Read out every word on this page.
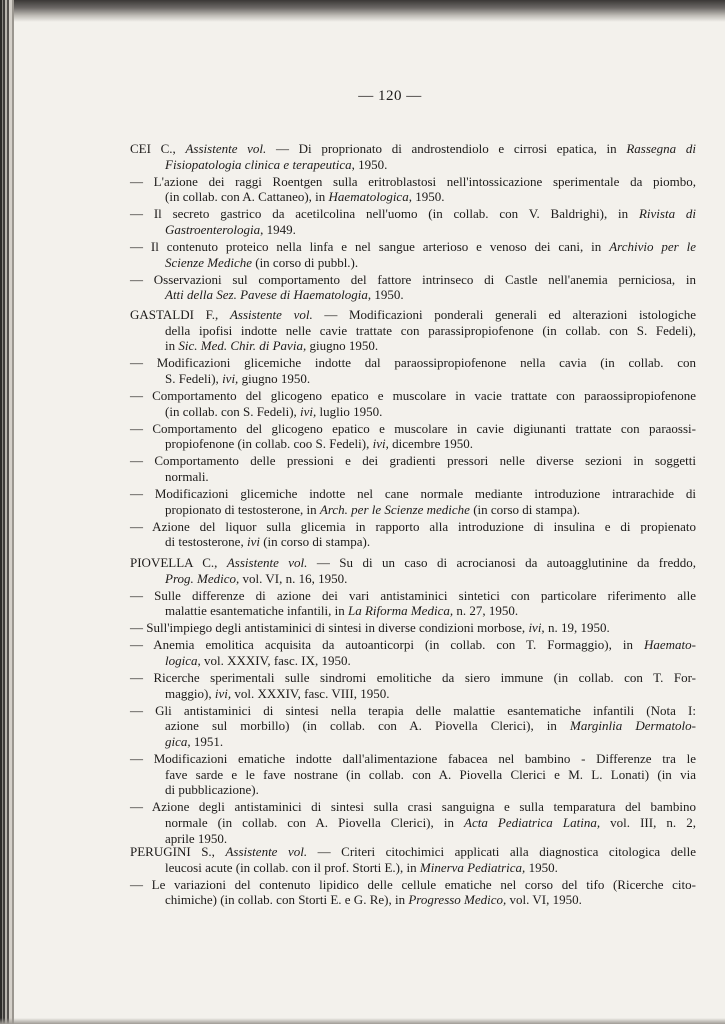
— 120 —
CEI C., Assistente vol. — Di proprionato di androstendiolo e cirrosi epatica, in Rassegna di
Fisiopatologia clinica e terapeutica, 1950.
— L'azione dei raggi Roentgen sulla eritroblastosi nell'intossicazione sperimentale da piombo,
(in collab. con A. Cattaneo), in Haematologica, 1950.
— Il secreto gastrico da acetilcolina nell'uomo (in collab. con V. Baldrighi), in Rivista di
Gastroenterologia, 1949.
— Il contenuto proteico nella linfa e nel sangue arterioso e venoso dei cani, in Archivio per le
Scienze Mediche (in corso di pubbl.).
— Osservazioni sul comportamento del fattore intrinseco di Castle nell'anemia perniciosa, in
Atti della Sez. Pavese di Haematologia, 1950.
GASTALDI F., Assistente vol. — Modificazioni ponderali generali ed alterazioni istologiche
della ipofisi indotte nelle cavie trattate con parassipropiofenone (in collab. con S. Fedeli),
in Sic. Med. Chir. di Pavia, giugno 1950.
— Modificazioni glicemiche indotte dal paraossipropiofenone nella cavia (in collab. con
S. Fedeli), ivi, giugno 1950.
— Comportamento del glicogeno epatico e muscolare in vacie trattate con paraossipropiofenone
(in collab. con S. Fedeli), ivi, luglio 1950.
— Comportamento del glicogeno epatico e muscolare in cavie digiunanti trattate con paraossi-
propiofenone (in collab. coo S. Fedeli), ivi, dicembre 1950.
— Comportamento delle pressioni e dei gradienti pressori nelle diverse sezioni in soggetti
normali.
— Modificazioni glicemiche indotte nel cane normale mediante introduzione intrarachide di
propionato di testosterone, in Arch. per le Scienze mediche (in corso di stampa).
— Azione del liquor sulla glicemia in rapporto alla introduzione di insulina e di propienato
di testosterone, ivi (in corso di stampa).
PIOVELLA C., Assistente vol. — Su di un caso di acrocianosi da autoagglutinine da freddo,
Prog. Medico, vol. VI, n. 16, 1950.
— Sulle differenze di azione dei vari antistaminici sintetici con particolare riferimento alle
malattie esantematiche infantili, in La Riforma Medica, n. 27, 1950.
— Sull'impiego degli antistaminici di sintesi in diverse condizioni morbose, ivi, n. 19, 1950.
— Anemia emolitica acquisita da autoanticorpi (in collab. con T. Formaggio), in Haemato-
logica, vol. XXXIV, fasc. IX, 1950.
— Ricerche sperimentali sulle sindromi emolitiche da siero immune (in collab. con T. For-
maggio), ivi, vol. XXXIV, fasc. VIII, 1950.
— Gli antistaminici di sintesi nella terapia delle malattie esantematiche infantili (Nota I:
azione sul morbillo) (in collab. con A. Piovella Clerici), in Marginlia Dermatolo-
gica, 1951.
— Modificazioni ematiche indotte dall'alimentazione fabacea nel bambino - Differenze tra le
fave sarde e le fave nostrane (in collab. con A. Piovella Clerici e M. L. Lonati) (in via
di pubblicazione).
— Azione degli antistaminici di sintesi sulla crasi sanguigna e sulla temparatura del bambino
normale (in collab. con A. Piovella Clerici), in Acta Pediatrica Latina, vol. III, n. 2,
aprile 1950.
PERUGINI S., Assistente vol. — Criteri citochimici applicati alla diagnostica citologica delle
leucosi acute (in collab. con il prof. Storti E.), in Minerva Pediatrica, 1950.
— Le variazioni del contenuto lipidico delle cellule ematiche nel corso del tifo (Ricerche cito-
chimiche) (in collab. con Storti E. e G. Re), in Progresso Medico, vol. VI, 1950.
